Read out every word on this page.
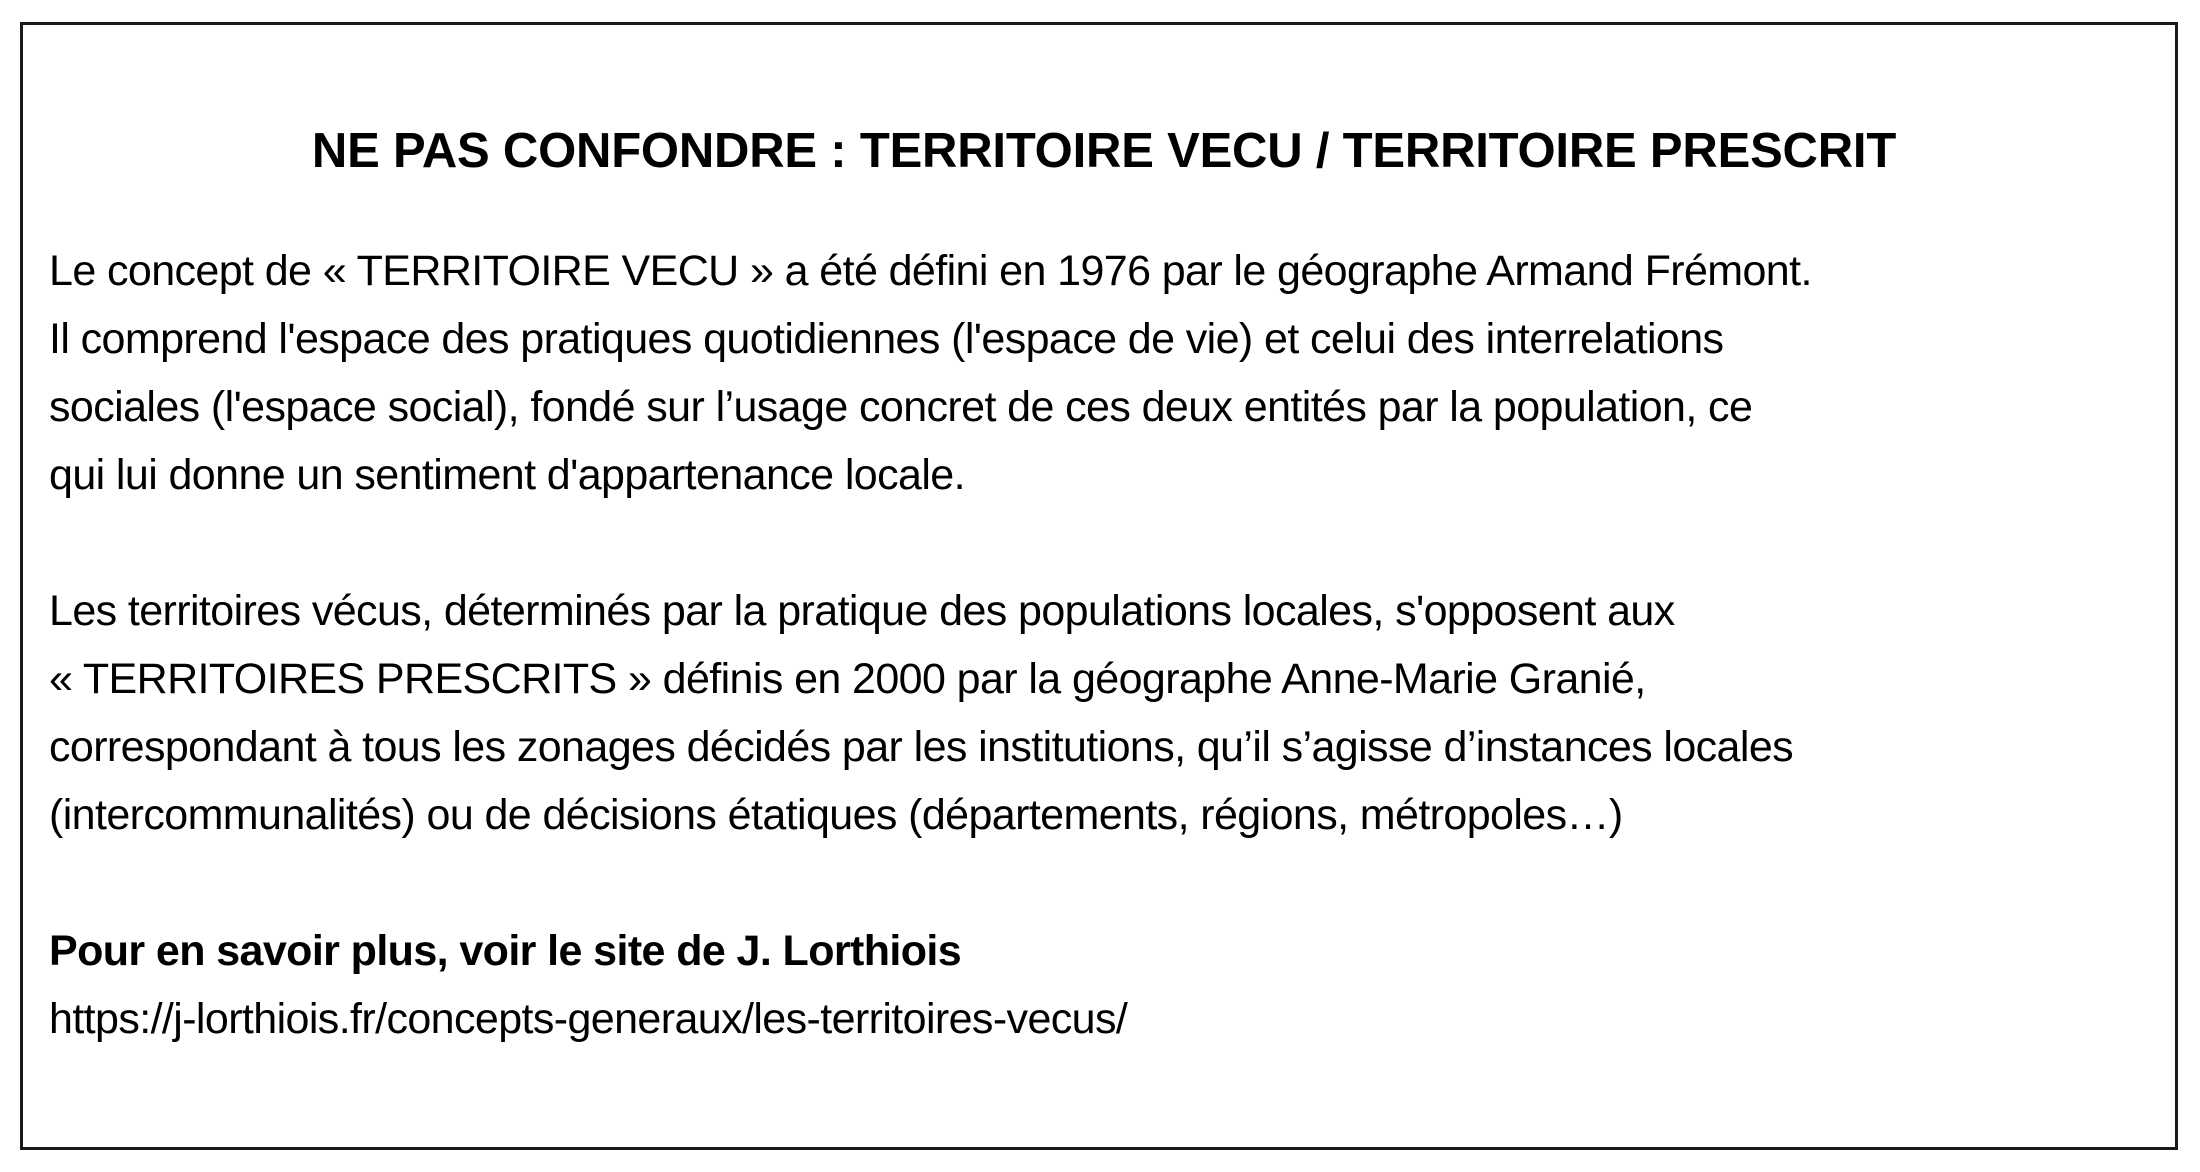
NE PAS CONFONDRE : TERRITOIRE VECU / TERRITOIRE PRESCRIT
Le concept de « TERRITOIRE VECU » a été défini en 1976 par le géographe Armand Frémont.
Il comprend l'espace des pratiques quotidiennes (l'espace de vie) et celui des interrelations
sociales (l'espace social), fondé sur l’usage concret de ces deux entités par la population, ce
qui lui donne un sentiment d'appartenance locale.
Les territoires vécus, déterminés par la pratique des populations locales, s'opposent aux
« TERRITOIRES PRESCRITS » définis en 2000 par la géographe Anne-Marie Granié,
correspondant à tous les zonages décidés par les institutions, qu’il s’agisse d’instances locales
(intercommunalités) ou de décisions étatiques (départements, régions, métropoles…)
Pour en savoir plus, voir le site de J. Lorthiois
https://j-lorthiois.fr/concepts-generaux/les-territoires-vecus/
